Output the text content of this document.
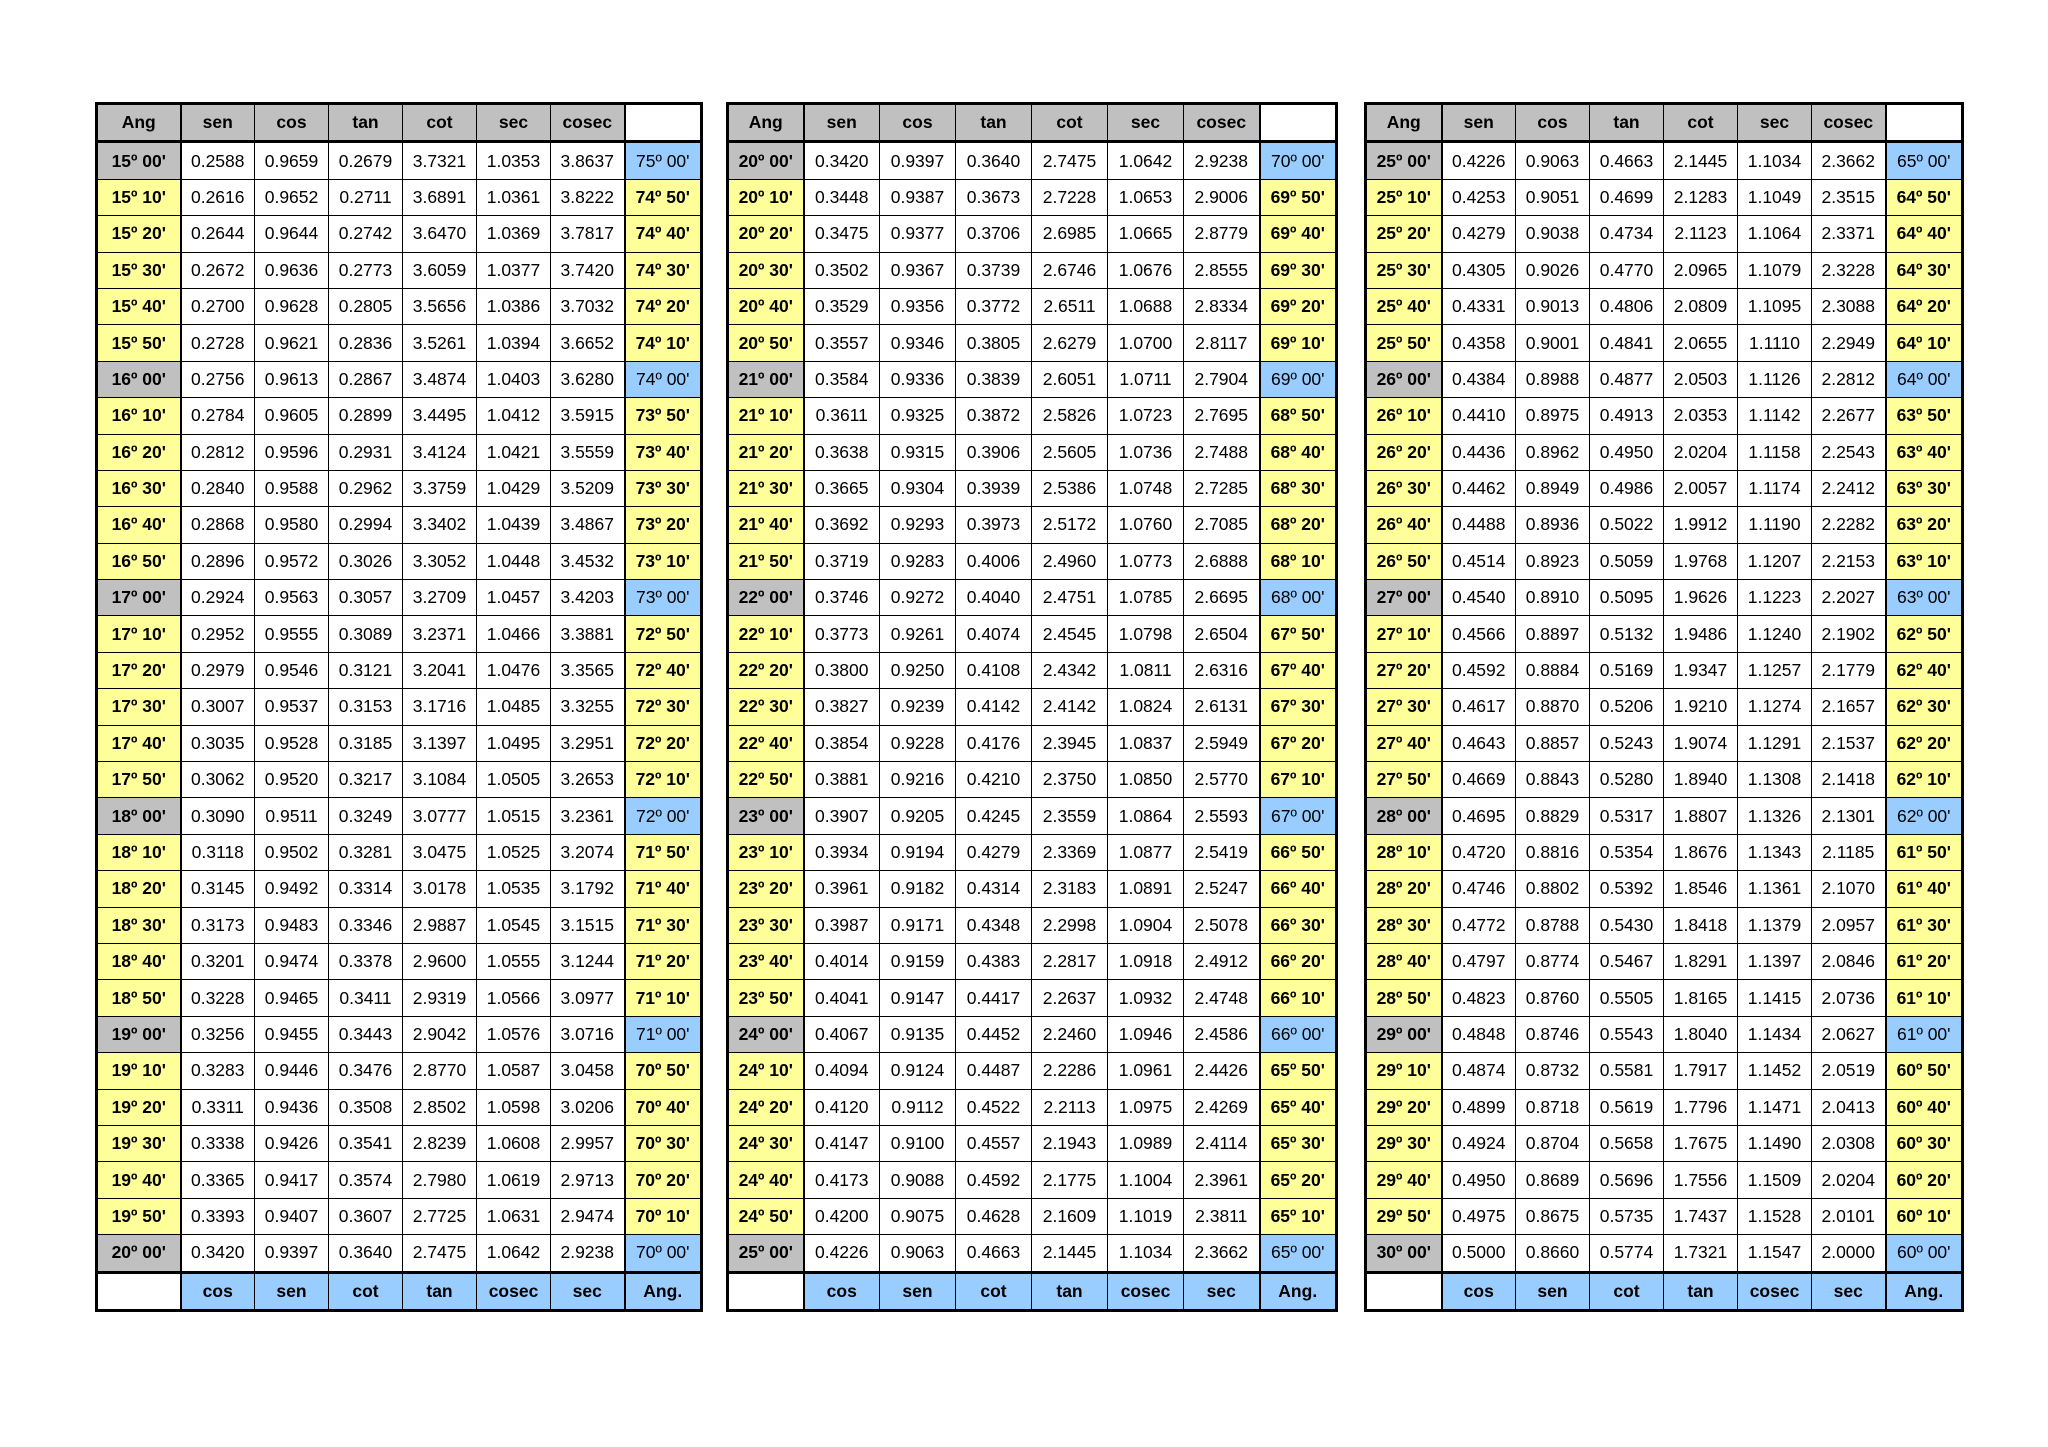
Ang	sen	cos	tan	cot	sec	cosec	
15º 00'	0.2588	0.9659	0.2679	3.7321	1.0353	3.8637	75º 00'
15º 10'	0.2616	0.9652	0.2711	3.6891	1.0361	3.8222	74º 50'
15º 20'	0.2644	0.9644	0.2742	3.6470	1.0369	3.7817	74º 40'
15º 30'	0.2672	0.9636	0.2773	3.6059	1.0377	3.7420	74º 30'
15º 40'	0.2700	0.9628	0.2805	3.5656	1.0386	3.7032	74º 20'
15º 50'	0.2728	0.9621	0.2836	3.5261	1.0394	3.6652	74º 10'
16º 00'	0.2756	0.9613	0.2867	3.4874	1.0403	3.6280	74º 00'
16º 10'	0.2784	0.9605	0.2899	3.4495	1.0412	3.5915	73º 50'
16º 20'	0.2812	0.9596	0.2931	3.4124	1.0421	3.5559	73º 40'
16º 30'	0.2840	0.9588	0.2962	3.3759	1.0429	3.5209	73º 30'
16º 40'	0.2868	0.9580	0.2994	3.3402	1.0439	3.4867	73º 20'
16º 50'	0.2896	0.9572	0.3026	3.3052	1.0448	3.4532	73º 10'
17º 00'	0.2924	0.9563	0.3057	3.2709	1.0457	3.4203	73º 00'
17º 10'	0.2952	0.9555	0.3089	3.2371	1.0466	3.3881	72º 50'
17º 20'	0.2979	0.9546	0.3121	3.2041	1.0476	3.3565	72º 40'
17º 30'	0.3007	0.9537	0.3153	3.1716	1.0485	3.3255	72º 30'
17º 40'	0.3035	0.9528	0.3185	3.1397	1.0495	3.2951	72º 20'
17º 50'	0.3062	0.9520	0.3217	3.1084	1.0505	3.2653	72º 10'
18º 00'	0.3090	0.9511	0.3249	3.0777	1.0515	3.2361	72º 00'
18º 10'	0.3118	0.9502	0.3281	3.0475	1.0525	3.2074	71º 50'
18º 20'	0.3145	0.9492	0.3314	3.0178	1.0535	3.1792	71º 40'
18º 30'	0.3173	0.9483	0.3346	2.9887	1.0545	3.1515	71º 30'
18º 40'	0.3201	0.9474	0.3378	2.9600	1.0555	3.1244	71º 20'
18º 50'	0.3228	0.9465	0.3411	2.9319	1.0566	3.0977	71º 10'
19º 00'	0.3256	0.9455	0.3443	2.9042	1.0576	3.0716	71º 00'
19º 10'	0.3283	0.9446	0.3476	2.8770	1.0587	3.0458	70º 50'
19º 20'	0.3311	0.9436	0.3508	2.8502	1.0598	3.0206	70º 40'
19º 30'	0.3338	0.9426	0.3541	2.8239	1.0608	2.9957	70º 30'
19º 40'	0.3365	0.9417	0.3574	2.7980	1.0619	2.9713	70º 20'
19º 50'	0.3393	0.9407	0.3607	2.7725	1.0631	2.9474	70º 10'
20º 00'	0.3420	0.9397	0.3640	2.7475	1.0642	2.9238	70º 00'
	cos	sen	cot	tan	cosec	sec	Ang.
Ang	sen	cos	tan	cot	sec	cosec	
20º 00'	0.3420	0.9397	0.3640	2.7475	1.0642	2.9238	70º 00'
20º 10'	0.3448	0.9387	0.3673	2.7228	1.0653	2.9006	69º 50'
20º 20'	0.3475	0.9377	0.3706	2.6985	1.0665	2.8779	69º 40'
20º 30'	0.3502	0.9367	0.3739	2.6746	1.0676	2.8555	69º 30'
20º 40'	0.3529	0.9356	0.3772	2.6511	1.0688	2.8334	69º 20'
20º 50'	0.3557	0.9346	0.3805	2.6279	1.0700	2.8117	69º 10'
21º 00'	0.3584	0.9336	0.3839	2.6051	1.0711	2.7904	69º 00'
21º 10'	0.3611	0.9325	0.3872	2.5826	1.0723	2.7695	68º 50'
21º 20'	0.3638	0.9315	0.3906	2.5605	1.0736	2.7488	68º 40'
21º 30'	0.3665	0.9304	0.3939	2.5386	1.0748	2.7285	68º 30'
21º 40'	0.3692	0.9293	0.3973	2.5172	1.0760	2.7085	68º 20'
21º 50'	0.3719	0.9283	0.4006	2.4960	1.0773	2.6888	68º 10'
22º 00'	0.3746	0.9272	0.4040	2.4751	1.0785	2.6695	68º 00'
22º 10'	0.3773	0.9261	0.4074	2.4545	1.0798	2.6504	67º 50'
22º 20'	0.3800	0.9250	0.4108	2.4342	1.0811	2.6316	67º 40'
22º 30'	0.3827	0.9239	0.4142	2.4142	1.0824	2.6131	67º 30'
22º 40'	0.3854	0.9228	0.4176	2.3945	1.0837	2.5949	67º 20'
22º 50'	0.3881	0.9216	0.4210	2.3750	1.0850	2.5770	67º 10'
23º 00'	0.3907	0.9205	0.4245	2.3559	1.0864	2.5593	67º 00'
23º 10'	0.3934	0.9194	0.4279	2.3369	1.0877	2.5419	66º 50'
23º 20'	0.3961	0.9182	0.4314	2.3183	1.0891	2.5247	66º 40'
23º 30'	0.3987	0.9171	0.4348	2.2998	1.0904	2.5078	66º 30'
23º 40'	0.4014	0.9159	0.4383	2.2817	1.0918	2.4912	66º 20'
23º 50'	0.4041	0.9147	0.4417	2.2637	1.0932	2.4748	66º 10'
24º 00'	0.4067	0.9135	0.4452	2.2460	1.0946	2.4586	66º 00'
24º 10'	0.4094	0.9124	0.4487	2.2286	1.0961	2.4426	65º 50'
24º 20'	0.4120	0.9112	0.4522	2.2113	1.0975	2.4269	65º 40'
24º 30'	0.4147	0.9100	0.4557	2.1943	1.0989	2.4114	65º 30'
24º 40'	0.4173	0.9088	0.4592	2.1775	1.1004	2.3961	65º 20'
24º 50'	0.4200	0.9075	0.4628	2.1609	1.1019	2.3811	65º 10'
25º 00'	0.4226	0.9063	0.4663	2.1445	1.1034	2.3662	65º 00'
	cos	sen	cot	tan	cosec	sec	Ang.
Ang	sen	cos	tan	cot	sec	cosec	
25º 00'	0.4226	0.9063	0.4663	2.1445	1.1034	2.3662	65º 00'
25º 10'	0.4253	0.9051	0.4699	2.1283	1.1049	2.3515	64º 50'
25º 20'	0.4279	0.9038	0.4734	2.1123	1.1064	2.3371	64º 40'
25º 30'	0.4305	0.9026	0.4770	2.0965	1.1079	2.3228	64º 30'
25º 40'	0.4331	0.9013	0.4806	2.0809	1.1095	2.3088	64º 20'
25º 50'	0.4358	0.9001	0.4841	2.0655	1.1110	2.2949	64º 10'
26º 00'	0.4384	0.8988	0.4877	2.0503	1.1126	2.2812	64º 00'
26º 10'	0.4410	0.8975	0.4913	2.0353	1.1142	2.2677	63º 50'
26º 20'	0.4436	0.8962	0.4950	2.0204	1.1158	2.2543	63º 40'
26º 30'	0.4462	0.8949	0.4986	2.0057	1.1174	2.2412	63º 30'
26º 40'	0.4488	0.8936	0.5022	1.9912	1.1190	2.2282	63º 20'
26º 50'	0.4514	0.8923	0.5059	1.9768	1.1207	2.2153	63º 10'
27º 00'	0.4540	0.8910	0.5095	1.9626	1.1223	2.2027	63º 00'
27º 10'	0.4566	0.8897	0.5132	1.9486	1.1240	2.1902	62º 50'
27º 20'	0.4592	0.8884	0.5169	1.9347	1.1257	2.1779	62º 40'
27º 30'	0.4617	0.8870	0.5206	1.9210	1.1274	2.1657	62º 30'
27º 40'	0.4643	0.8857	0.5243	1.9074	1.1291	2.1537	62º 20'
27º 50'	0.4669	0.8843	0.5280	1.8940	1.1308	2.1418	62º 10'
28º 00'	0.4695	0.8829	0.5317	1.8807	1.1326	2.1301	62º 00'
28º 10'	0.4720	0.8816	0.5354	1.8676	1.1343	2.1185	61º 50'
28º 20'	0.4746	0.8802	0.5392	1.8546	1.1361	2.1070	61º 40'
28º 30'	0.4772	0.8788	0.5430	1.8418	1.1379	2.0957	61º 30'
28º 40'	0.4797	0.8774	0.5467	1.8291	1.1397	2.0846	61º 20'
28º 50'	0.4823	0.8760	0.5505	1.8165	1.1415	2.0736	61º 10'
29º 00'	0.4848	0.8746	0.5543	1.8040	1.1434	2.0627	61º 00'
29º 10'	0.4874	0.8732	0.5581	1.7917	1.1452	2.0519	60º 50'
29º 20'	0.4899	0.8718	0.5619	1.7796	1.1471	2.0413	60º 40'
29º 30'	0.4924	0.8704	0.5658	1.7675	1.1490	2.0308	60º 30'
29º 40'	0.4950	0.8689	0.5696	1.7556	1.1509	2.0204	60º 20'
29º 50'	0.4975	0.8675	0.5735	1.7437	1.1528	2.0101	60º 10'
30º 00'	0.5000	0.8660	0.5774	1.7321	1.1547	2.0000	60º 00'
	cos	sen	cot	tan	cosec	sec	Ang.
